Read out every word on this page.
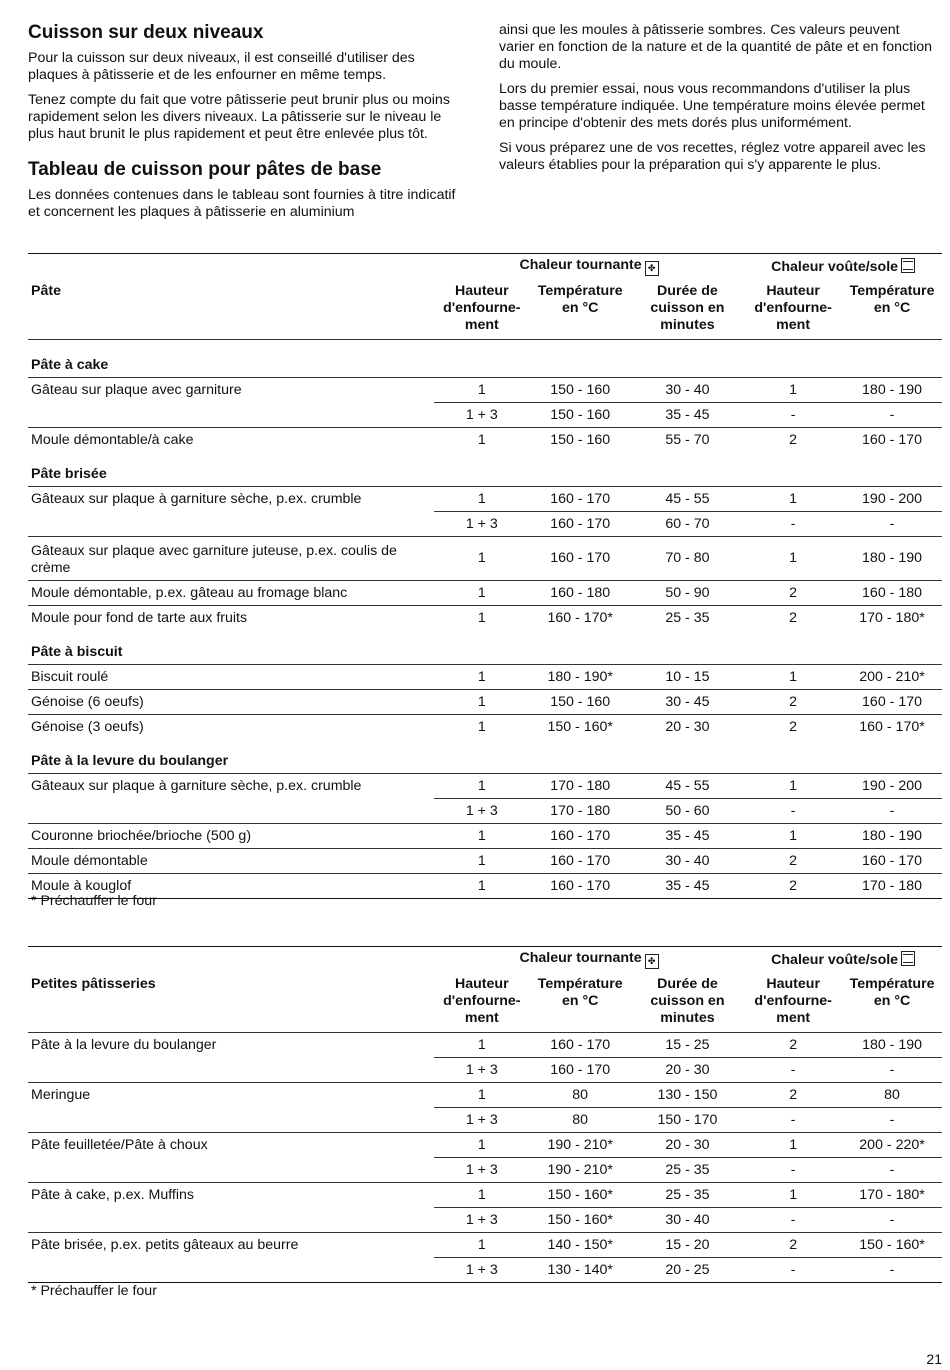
Cuisson sur deux niveaux
Pour la cuisson sur deux niveaux, il est conseillé d'utiliser des plaques à pâtisserie et de les enfourner en même temps.
Tenez compte du fait que votre pâtisserie peut brunir plus ou moins rapidement selon les divers niveaux. La pâtisserie sur le niveau le plus haut brunit le plus rapidement et peut être enlevée plus tôt.
Tableau de cuisson pour pâtes de base
Les données contenues dans le tableau sont fournies à titre indicatif et concernent les plaques à pâtisserie en aluminium
ainsi que les moules à pâtisserie sombres. Ces valeurs peuvent varier en fonction de la nature et de la quantité de pâte et en fonction du moule.
Lors du premier essai, nous vous recommandons d'utiliser la plus basse température indiquée. Une température moins élevée permet en principe d'obtenir des mets dorés plus uniformément.
Si vous préparez une de vos recettes, réglez votre appareil avec les valeurs établies pour la préparation qui s'y apparente le plus.
	Chaleur tournante ✤			Chaleur voûte/sole	
Pâte	Hauteur d'enfourne-ment	Température en °C	Durée de cuisson en minutes	Hauteur d'enfourne-ment	Température en °C
Pâte à cake					
Gâteau sur plaque avec garniture	1	150 - 160	30 - 40	1	180 - 190
	1 + 3	150 - 160	35 - 45	-	-
Moule démontable/à cake	1	150 - 160	55 - 70	2	160 - 170
Pâte brisée					
Gâteaux sur plaque à garniture sèche, p.ex. crumble	1	160 - 170	45 - 55	1	190 - 200
	1 + 3	160 - 170	60 - 70	-	-
Gâteaux sur plaque avec garniture juteuse, p.ex. coulis de crème	1	160 - 170	70 - 80	1	180 - 190
Moule démontable, p.ex. gâteau au fromage blanc	1	160 - 180	50 - 90	2	160 - 180
Moule pour fond de tarte aux fruits	1	160 - 170*	25 - 35	2	170 - 180*
Pâte à biscuit					
Biscuit roulé	1	180 - 190*	10 - 15	1	200 - 210*
Génoise (6 oeufs)	1	150 - 160	30 - 45	2	160 - 170
Génoise (3 oeufs)	1	150 - 160*	20 - 30	2	160 - 170*
Pâte à la levure du boulanger					
Gâteaux sur plaque à garniture sèche, p.ex. crumble	1	170 - 180	45 - 55	1	190 - 200
	1 + 3	170 - 180	50 - 60	-	-
Couronne briochée/brioche (500 g)	1	160 - 170	35 - 45	1	180 - 190
Moule démontable	1	160 - 170	30 - 40	2	160 - 170
Moule à kouglof	1	160 - 170	35 - 45	2	170 - 180
* Préchauffer le four
	Chaleur tournante ✤			Chaleur voûte/sole	
Petites pâtisseries	Hauteur d'enfourne-ment	Température en °C	Durée de cuisson en minutes	Hauteur d'enfourne-ment	Température en °C
Pâte à la levure du boulanger	1	160 - 170	15 - 25	2	180 - 190
	1 + 3	160 - 170	20 - 30	-	-
Meringue	1	80	130 - 150	2	80
	1 + 3	80	150 - 170	-	-
Pâte feuilletée/Pâte à choux	1	190 - 210*	20 - 30	1	200 - 220*
	1 + 3	190 - 210*	25 - 35	-	-
Pâte à cake, p.ex. Muffins	1	150 - 160*	25 - 35	1	170 - 180*
	1 + 3	150 - 160*	30 - 40	-	-
Pâte brisée, p.ex. petits gâteaux au beurre	1	140 - 150*	15 - 20	2	150 - 160*
	1 + 3	130 - 140*	20 - 25	-	-
* Préchauffer le four
21
